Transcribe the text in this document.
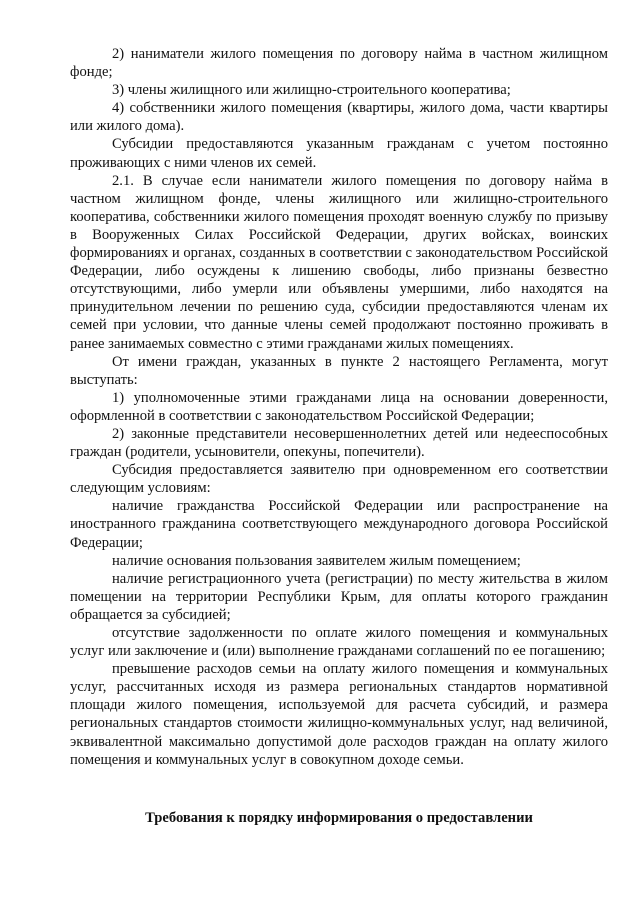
2) наниматели жилого помещения по договору найма в частном жилищном фонде;

3) члены жилищного или жилищно-строительного кооператива;

4) собственники жилого помещения (квартиры, жилого дома, части квартиры или жилого дома).

Субсидии предоставляются указанным гражданам с учетом постоянно проживающих с ними членов их семей.

2.1. В случае если наниматели жилого помещения по договору найма в частном жилищном фонде, члены жилищного или жилищно-строительного кооператива, собственники жилого помещения проходят военную службу по призыву в Вооруженных Силах Российской Федерации, других войсках, воинских формированиях и органах, созданных в соответствии с законодательством Российской Федерации, либо осуждены к лишению свободы, либо признаны безвестно отсутствующими, либо умерли или объявлены умершими, либо находятся на принудительном лечении по решению суда, субсидии предоставляются членам их семей при условии, что данные члены семей продолжают постоянно проживать в ранее занимаемых совместно с этими гражданами жилых помещениях.

От имени граждан, указанных в пункте 2 настоящего Регламента, могут выступать:

1) уполномоченные этими гражданами лица на основании доверенности, оформленной в соответствии с законодательством Российской Федерации;

2) законные представители несовершеннолетних детей или недееспособных граждан (родители, усыновители, опекуны, попечители).

Субсидия предоставляется заявителю при одновременном его соответствии следующим условиям:

наличие гражданства Российской Федерации или распространение на иностранного гражданина соответствующего международного договора Российской Федерации;

наличие основания пользования заявителем жилым помещением;

наличие регистрационного учета (регистрации) по месту жительства в жилом помещении на территории Республики Крым, для оплаты которого гражданин обращается за субсидией;

отсутствие задолженности по оплате жилого помещения и коммунальных услуг или заключение и (или) выполнение гражданами соглашений по ее погашению;

превышение расходов семьи на оплату жилого помещения и коммунальных услуг, рассчитанных исходя из размера региональных стандартов нормативной площади жилого помещения, используемой для расчета субсидий, и размера региональных стандартов стоимости жилищно-коммунальных услуг, над величиной, эквивалентной максимально допустимой доле расходов граждан на оплату жилого помещения и коммунальных услуг в совокупном доходе семьи.

Требования к порядку информирования о предоставлении
